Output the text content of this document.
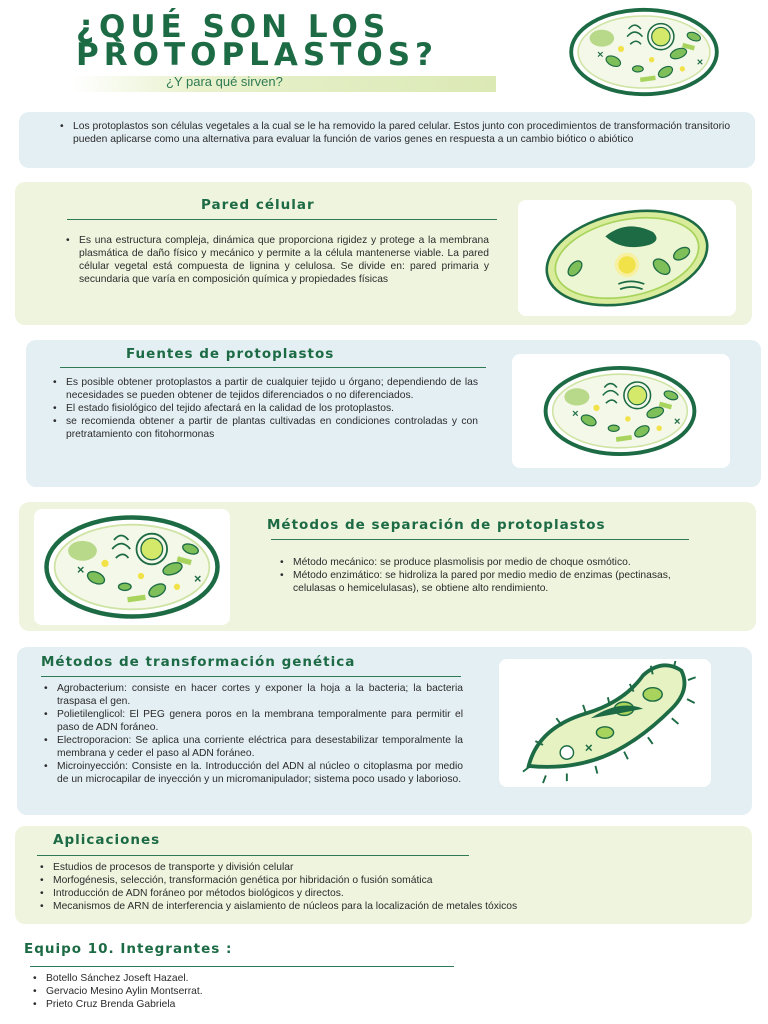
¿QUÉ SON LOS
PROTOPLASTOS?
¿Y para qué sirven?
• Los protoplastos son células vegetales a la cual se le ha removido la pared celular. Estos junto con procedimientos de transformación transitorio pueden aplicarse como una alternativa para evaluar la función de varios genes en respuesta a un cambio biótico o abiótico
Pared célular
• Es una estructura compleja, dinámica que proporciona rigidez y protege a la membrana plasmática de daño físico y mecánico y permite a la célula mantenerse viable. La pared célular vegetal está compuesta de lignina y celulosa. Se divide en: pared primaria y secundaria que varía en composición química y propiedades físicas
Fuentes de protoplastos
• Es posible obtener protoplastos a partir de cualquier tejido u órgano; dependiendo de las necesidades se pueden obtener de tejidos diferenciados o no diferenciados.
• El estado fisiológico del tejido afectará en la calidad de los protoplastos.
• se recomienda obtener a partir de plantas cultivadas en condiciones controladas y con pretratamiento con fitohormonas
Métodos de separación de protoplastos
• Método mecánico: se produce plasmolisis por medio de choque osmótico.
• Método enzimático: se hidroliza la pared por medio medio de enzimas (pectinasas, celulasas o hemicelulasas), se obtiene alto rendimiento.
Métodos de transformación genética
• Agrobacterium: consiste en hacer cortes y exponer la hoja a la bacteria; la bacteria traspasa el gen.
• Polietilenglicol: El PEG genera poros en la membrana temporalmente para permitir el paso de ADN foráneo.
• Electroporacion: Se aplica una corriente eléctrica para desestabilizar temporalmente la membrana y ceder el paso al ADN foráneo.
• Microinyección: Consiste en la. Introducción del ADN al núcleo o citoplasma por medio de un microcapilar de inyección y un micromanipulador; sistema poco usado y laborioso.
Aplicaciones
• Estudios de procesos de transporte y división celular
• Morfogénesis, selección, transformación genética por hibridación o fusión somática
• Introducción de ADN foráneo por métodos biológicos y directos.
• Mecanismos de ARN de interferencia y aislamiento de núcleos para la localización de metales tóxicos
Equipo 10. Integrantes :
• Botello Sánchez Joseft Hazael.
• Gervacio Mesino Aylin Montserrat.
• Prieto Cruz Brenda Gabriela
